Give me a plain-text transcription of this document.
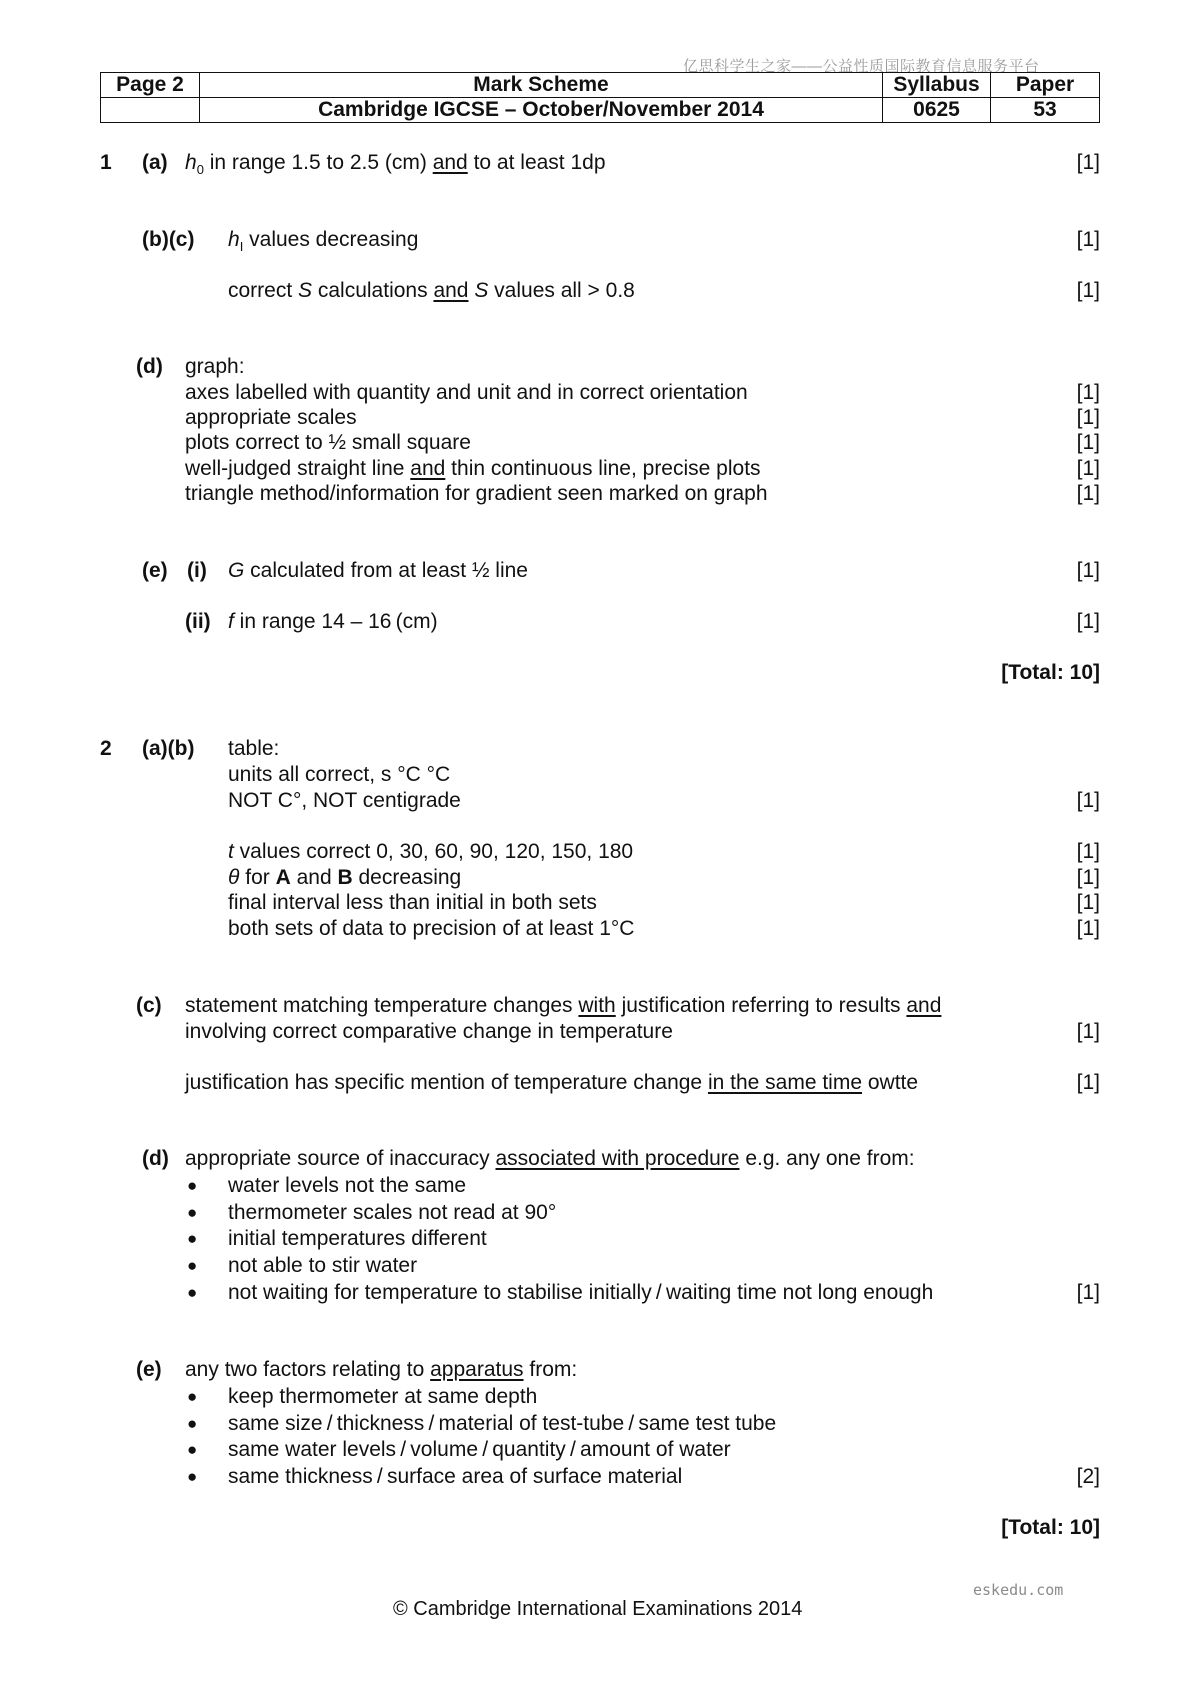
亿思科学生之家——公益性质国际教育信息服务平台
eskedu.com
Page 2	Mark Scheme	Syllabus	Paper
	Cambridge IGCSE – October/November 2014	0625	53
1 (a) $h_0$ in range 1.5 to 2.5 (cm) and to at least 1dp	[1]
(b)(c) $h_I$ values decreasing	[1]
correct S calculations and S values all > 0.8	[1]
(d) graph:
axes labelled with quantity and unit and in correct orientation	[1]
appropriate scales	[1]
plots correct to ½ small square	[1]
well-judged straight line and thin continuous line, precise plots	[1]
triangle method/information for gradient seen marked on graph	[1]
(e) (i) G calculated from at least ½ line	[1]
(ii) f in range 14 – 16 (cm)	[1]
[Total: 10]
2 (a)(b) table:
units all correct, s °C °C
NOT C°, NOT centigrade	[1]
t values correct 0, 30, 60, 90, 120, 150, 180	[1]
θ for A and B decreasing	[1]
final interval less than initial in both sets	[1]
both sets of data to precision of at least 1°C	[1]
(c) statement matching temperature changes with justification referring to results and
involving correct comparative change in temperature	[1]
justification has specific mention of temperature change in the same time owtte	[1]
(d) appropriate source of inaccuracy associated with procedure e.g. any one from:
● water levels not the same
● thermometer scales not read at 90°
● initial temperatures different
● not able to stir water
● not waiting for temperature to stabilise initially / waiting time not long enough	[1]
(e) any two factors relating to apparatus from:
● keep thermometer at same depth
● same size / thickness / material of test-tube / same test tube
● same water levels / volume / quantity / amount of water
● same thickness / surface area of surface material	[2]
[Total: 10]
© Cambridge International Examinations 2014
